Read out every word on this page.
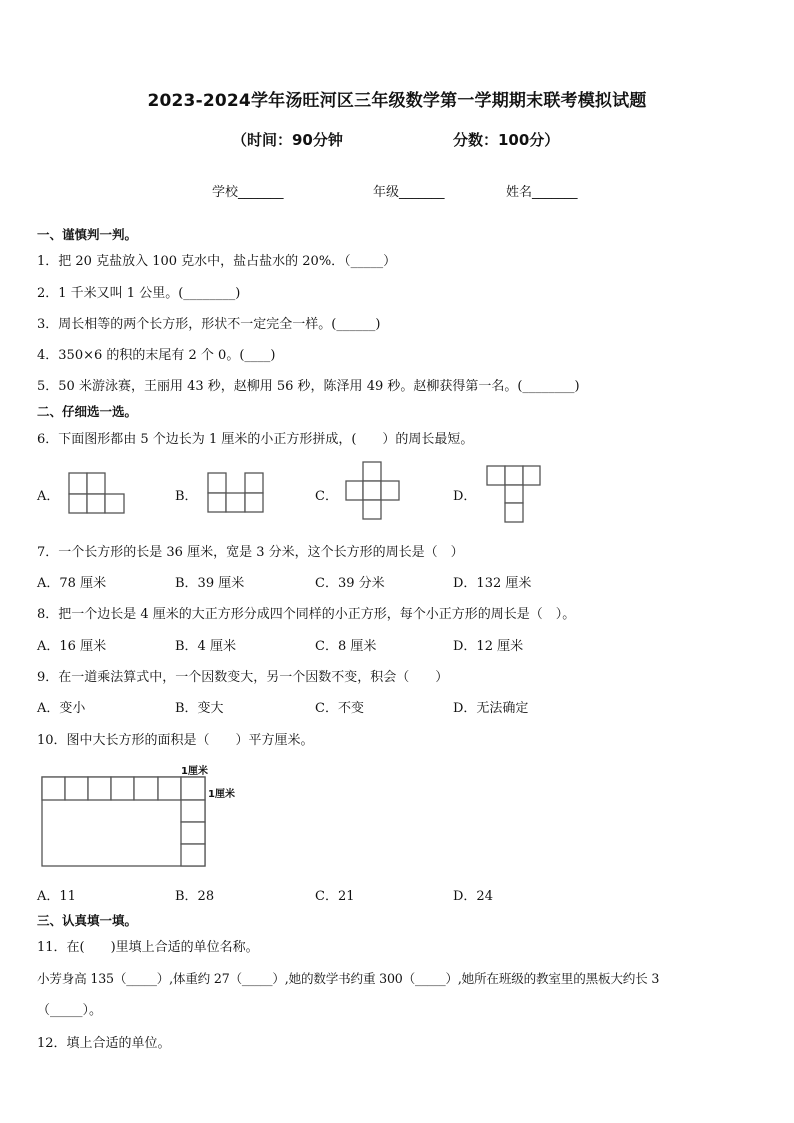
2023-2024学年汤旺河区三年级数学第一学期期末联考模拟试题
（时间：90分钟	分数：100分）
学校_______	年级_______	姓名_______
一、谨慎判一判。
1．把 20 克盐放入 100 克水中，盐占盐水的 20%．（_____）
2．1 千米又叫 1 公里。(________)
3．周长相等的两个长方形，形状不一定完全一样。(______)
4．350×6 的积的末尾有 2 个 0。(____)
5．50 米游泳赛，王丽用 43 秒，赵柳用 56 秒，陈泽用 49 秒。赵柳获得第一名。(________)
二、仔细选一选。
6．下面图形都由 5 个边长为 1 厘米的小正方形拼成，(　　）的周长最短。
A．	B．	C．	D．
7．一个长方形的长是 36 厘米，宽是 3 分米，这个长方形的周长是（　）
A．78 厘米	B．39 厘米	C．39 分米	D．132 厘米
8．把一个边长是 4 厘米的大正方形分成四个同样的小正方形，每个小正方形的周长是（　）。
A．16 厘米	B．4 厘米	C．8 厘米	D．12 厘米
9．在一道乘法算式中，一个因数变大，另一个因数不变，积会（　　）
A．变小	B．变大	C．不变	D．无法确定
10．图中大长方形的面积是（　　）平方厘米。
1厘米
1厘米
A．11	B．28	C．21	D．24
三、认真填一填。
11．在(　　)里填上合适的单位名称。
小芳身高 135（_____）,体重约 27（_____）,她的数学书约重 300（_____）,她所在班级的教室里的黑板大约长 3
（_____）。
12．填上合适的单位。
